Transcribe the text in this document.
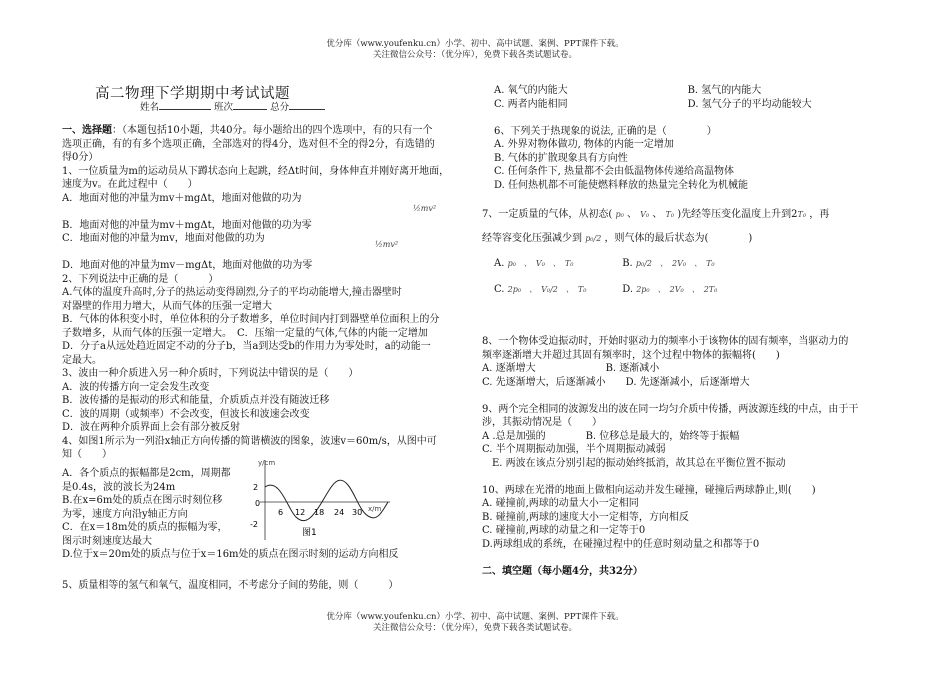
优分库（www.youfenku.cn）小学、初中、高中试题、案例、PPT课件下载。
关注微信公众号：（优分库），免费下载各类试题试卷。
高二物理下学期期中考试试题
姓名	班次	总分

一、选择题：（本题包括10小题，共40分。每小题给出的四个选项中，有的只有一个

选项正确，有的有多个选项正确，全部选对的得4分，选对但不全的得2分，有选错的

得0分）

1、一位质量为m的运动员从下蹲状态向上起跳，经Δt时间，身体伸直并刚好离开地面，

速度为v。在此过程中（　　）

A．地面对他的冲量为mv＋mgΔt，地面对他做的功为

B．地面对他的冲量为mv＋mgΔt，地面对他做的功为零

C．地面对他的冲量为mv，地面对他做的功为

D．地面对他的冲量为mv－mgΔt，地面对他做的功为零

2、下列说法中正确的是（　　　）

A.气体的温度升高时,分子的热运动变得剧烈,分子的平均动能增大,撞击器壁时

对器壁的作用力增大，从而气体的压强一定增大

B．气体的体积变小时，单位体积的分子数增多，单位时间内打到器壁单位面积上的分

子数增多，从而气体的压强一定增大。　C．压缩一定量的气体,气体的内能一定增加

D．分子a从远处趋近固定不动的分子b，当a到达受b的作用力为零处时，a的动能一

定最大。

3、波由一种介质进入另一种介质时，下列说法中错误的是（　　）

A．波的传播方向一定会发生改变

B．波传播的是振动的形式和能量，介质质点并没有随波迁移

C．波的周期（或频率）不会改变，但波长和波速会改变

D．波在两种介质界面上会有部分被反射

4、如图1所示为一列沿x轴正方向传播的简谐横波的图象，波速v＝60m/s，从图中可

知（　　）

½mv²
½mv²

A．各个质点的振幅都是2cm，周期都

是0.4s，波的波长为24m

B.在x=6m处的质点在图示时刻位移

为零，速度方向沿y轴正方向

C．在x＝18m处的质点的振幅为零，

图示时刻速度达最大

D.位于x＝20m处的质点与位于x＝16m处的质点在图示时刻的运动方向相反

y/cm
x/m
2
0
-2
6 12 18 24 30
图1

5、质量相等的氢气和氧气，温度相同，不考虑分子间的势能，则（　　　）

A. 氧气的内能大　　　　　　　　　　　　B. 氢气的内能大

C. 两者内能相同　　　　　　　　　　　　D. 氢气分子的平均动能较大

6、下列关于热现象的说法, 正确的是（　　　　）

A. 外界对物体做功, 物体的内能一定增加

B. 气体的扩散现象具有方向性

C. 任何条件下, 热量都不会由低温物体传递给高温物体

D. 任何热机都不可能使燃料释放的热量完全转化为机械能

7、一定质量的气体，从初态( p₀ 、 V₀ 、 T₀ )先经等压变化温度上升到2T₀ ，再

经等容变化压强减少到 p₀/2 ，则气体的最后状态为(　　　　)

A. p₀　、　V₀　、　T₀	B. p₀/2　、　2V₀　、　T₀

C. 2p₀　、　V₀/2　、　T₀	D. 2p₀　、　2V₀　、　2T₀

8、一个物体受迫振动时，开始时驱动力的频率小于该物体的固有频率，当驱动力的

频率逐渐增大并超过其固有频率时，这个过程中物体的振幅将(　　)

A. 逐渐增大　　　　　　　B. 逐渐减小

C. 先逐渐增大，后逐渐减小　　D. 先逐渐减小，后逐渐增大

9、两个完全相同的波源发出的波在同一均匀介质中传播，两波源连线的中点，由于干

涉，其振动情况是（　　）

A .总是加强的　　　　B. 位移总是最大的，始终等于振幅

C. 半个周期振动加强，半个周期振动减弱

　E. 两波在该点分别引起的振动始终抵消，故其总在平衡位置不振动

10、两球在光滑的地面上做相向运动并发生碰撞，碰撞后两球静止,则(　　)

A. 碰撞前,两球的动量大小一定相同

B. 碰撞前,两球的速度大小一定相等，方向相反

C. 碰撞前,两球的动量之和一定等于0

D.两球组成的系统，在碰撞过程中的任意时刻动量之和都等于0

二、填空题（每小题4分，共32分）

优分库（www.youfenku.cn）小学、初中、高中试题、案例、PPT课件下载。
关注微信公众号：（优分库），免费下载各类试题试卷。
